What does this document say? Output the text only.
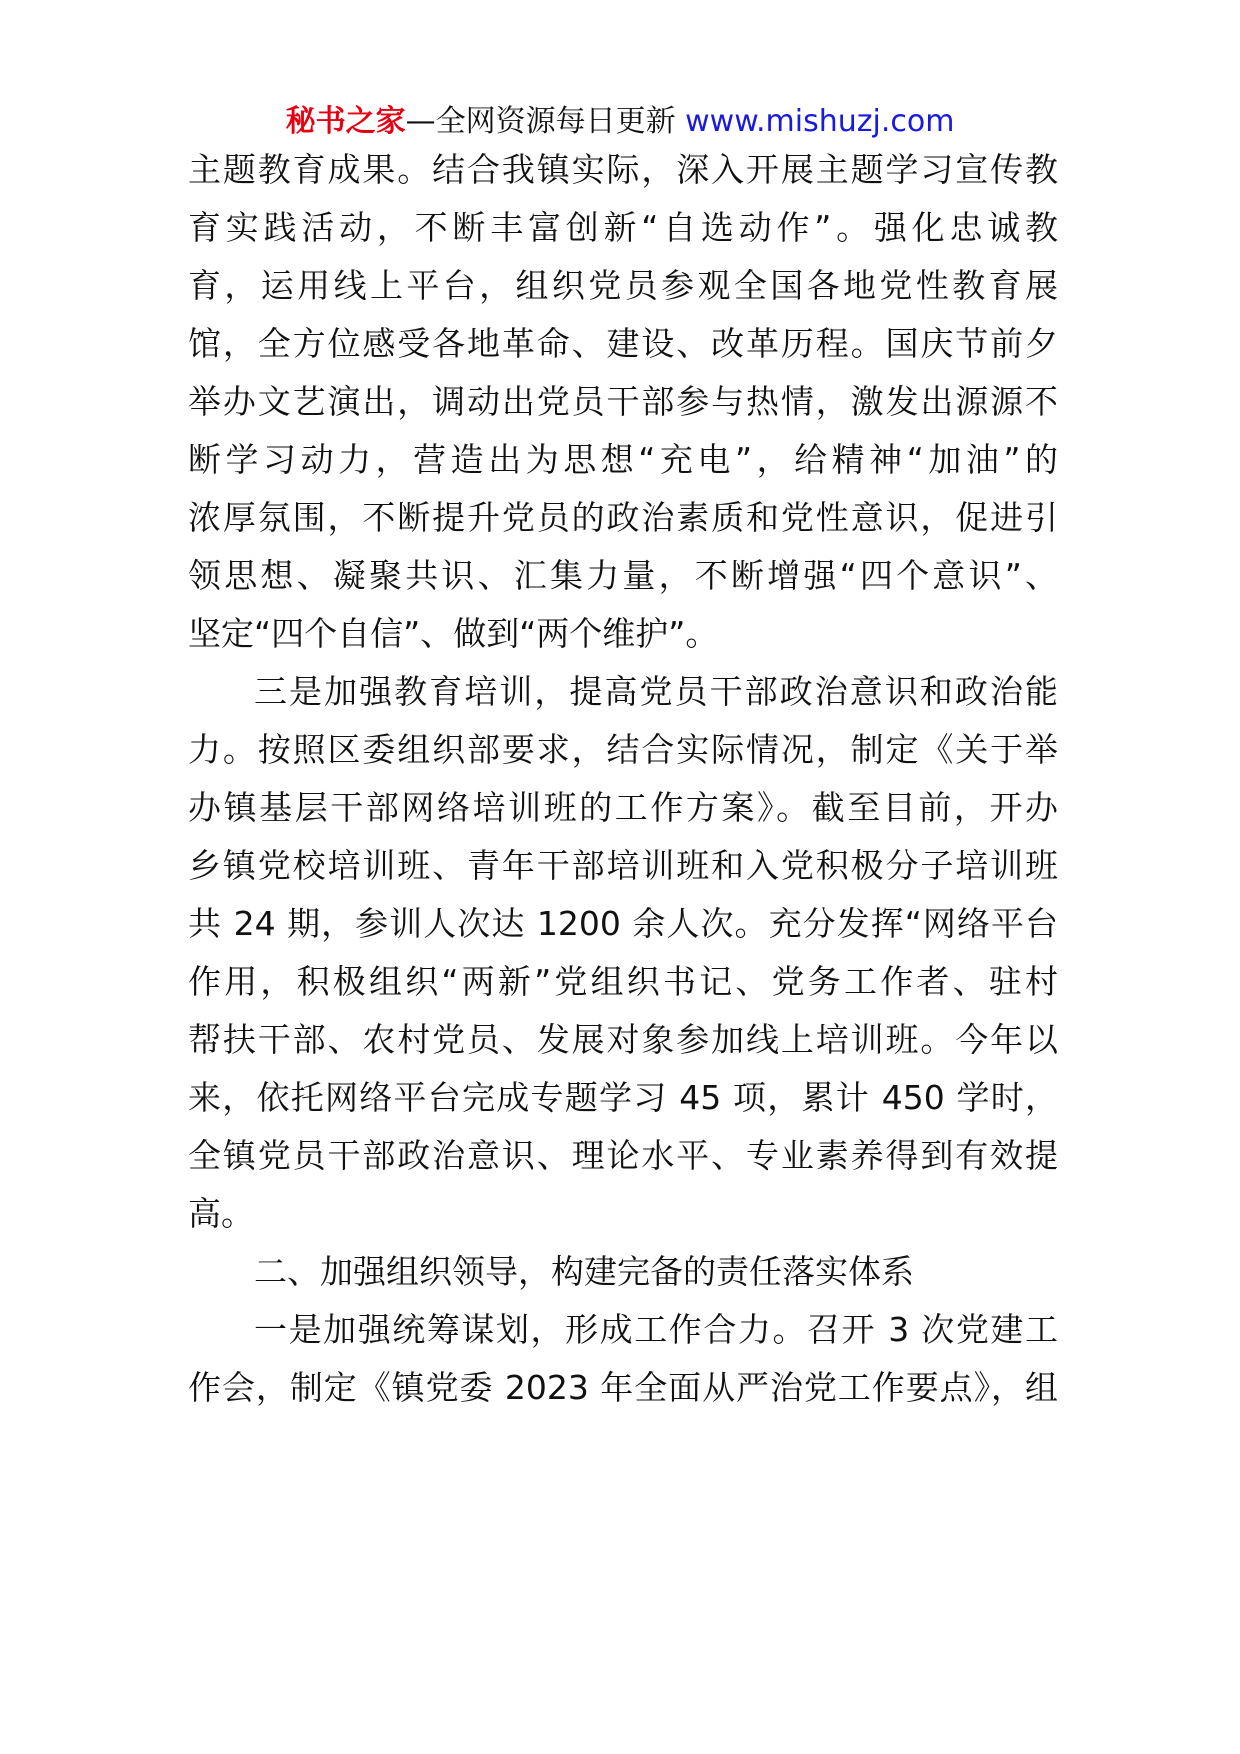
秘书之家—全网资源每日更新 www.mishuzj.com
主题教育成果。结合我镇实际，深入开展主题学习宣传教
育实践活动，不断丰富创新“自选动作”。强化忠诚教
育，运用线上平台，组织党员参观全国各地党性教育展
馆，全方位感受各地革命、建设、改革历程。国庆节前夕
举办文艺演出，调动出党员干部参与热情，激发出源源不
断学习动力，营造出为思想“充电”，给精神“加油”的
浓厚氛围，不断提升党员的政治素质和党性意识，促进引
领思想、凝聚共识、汇集力量，不断增强“四个意识”、
坚定“四个自信”、做到“两个维护”。
三是加强教育培训，提高党员干部政治意识和政治能
力。按照区委组织部要求，结合实际情况，制定《关于举
办镇基层干部网络培训班的工作方案》。截至目前，开办
乡镇党校培训班、青年干部培训班和入党积极分子培训班
共 24 期，参训人次达 1200 余人次。充分发挥“网络平台
作用，积极组织“两新”党组织书记、党务工作者、驻村
帮扶干部、农村党员、发展对象参加线上培训班。今年以
来，依托网络平台完成专题学习 45 项，累计 450 学时，
全镇党员干部政治意识、理论水平、专业素养得到有效提
高。
二、加强组织领导，构建完备的责任落实体系
一是加强统筹谋划，形成工作合力。召开 3 次党建工
作会，制定《镇党委 2023 年全面从严治党工作要点》，组
